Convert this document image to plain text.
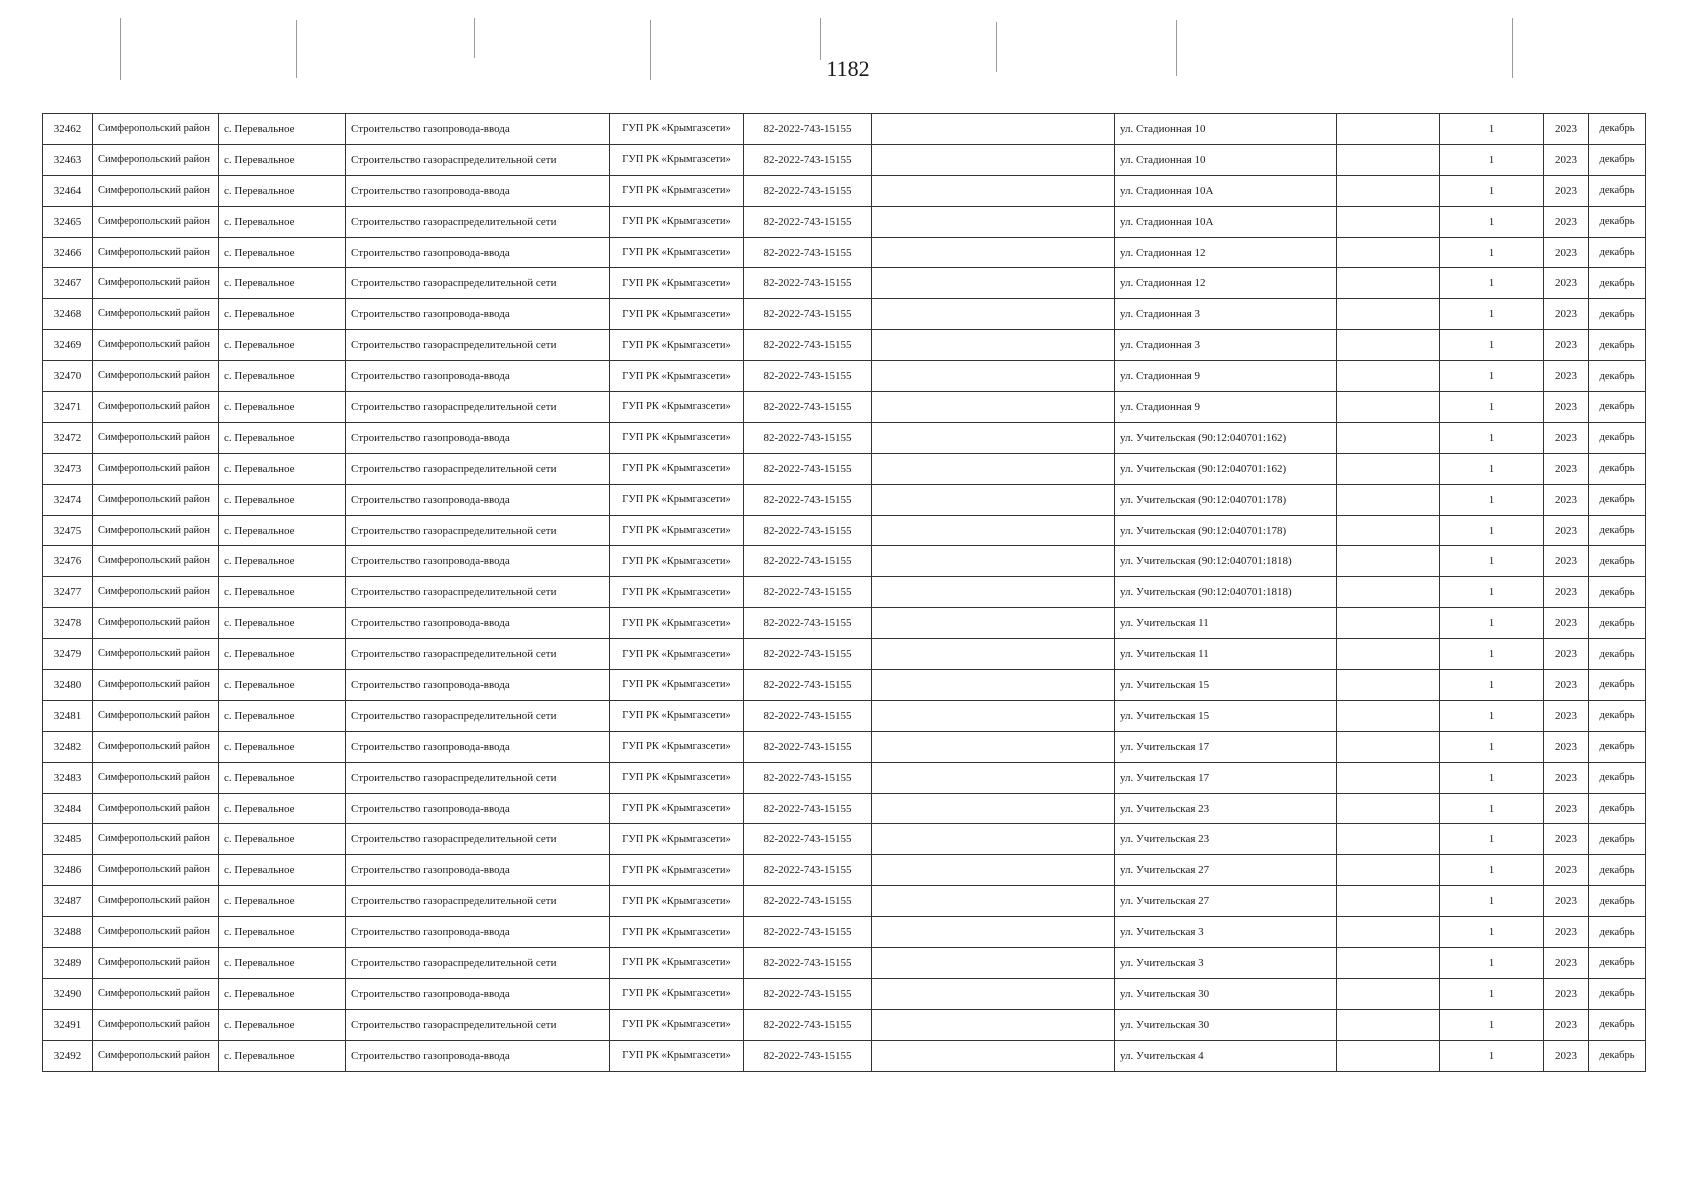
1182
32462	Симферопольский район	с. Перевальное	Строительство газопровода-ввода	ГУП РК «Крымгазсети»	82-2022-743-15155		ул. Стадионная 10		1	2023	декабрь
32463	Симферопольский район	с. Перевальное	Строительство газораспределительной сети	ГУП РК «Крымгазсети»	82-2022-743-15155		ул. Стадионная 10		1	2023	декабрь
32464	Симферопольский район	с. Перевальное	Строительство газопровода-ввода	ГУП РК «Крымгазсети»	82-2022-743-15155		ул. Стадионная 10А		1	2023	декабрь
32465	Симферопольский район	с. Перевальное	Строительство газораспределительной сети	ГУП РК «Крымгазсети»	82-2022-743-15155		ул. Стадионная 10А		1	2023	декабрь
32466	Симферопольский район	с. Перевальное	Строительство газопровода-ввода	ГУП РК «Крымгазсети»	82-2022-743-15155		ул. Стадионная 12		1	2023	декабрь
32467	Симферопольский район	с. Перевальное	Строительство газораспределительной сети	ГУП РК «Крымгазсети»	82-2022-743-15155		ул. Стадионная 12		1	2023	декабрь
32468	Симферопольский район	с. Перевальное	Строительство газопровода-ввода	ГУП РК «Крымгазсети»	82-2022-743-15155		ул. Стадионная 3		1	2023	декабрь
32469	Симферопольский район	с. Перевальное	Строительство газораспределительной сети	ГУП РК «Крымгазсети»	82-2022-743-15155		ул. Стадионная 3		1	2023	декабрь
32470	Симферопольский район	с. Перевальное	Строительство газопровода-ввода	ГУП РК «Крымгазсети»	82-2022-743-15155		ул. Стадионная 9		1	2023	декабрь
32471	Симферопольский район	с. Перевальное	Строительство газораспределительной сети	ГУП РК «Крымгазсети»	82-2022-743-15155		ул. Стадионная 9		1	2023	декабрь
32472	Симферопольский район	с. Перевальное	Строительство газопровода-ввода	ГУП РК «Крымгазсети»	82-2022-743-15155		ул. Учительская (90:12:040701:162)		1	2023	декабрь
32473	Симферопольский район	с. Перевальное	Строительство газораспределительной сети	ГУП РК «Крымгазсети»	82-2022-743-15155		ул. Учительская (90:12:040701:162)		1	2023	декабрь
32474	Симферопольский район	с. Перевальное	Строительство газопровода-ввода	ГУП РК «Крымгазсети»	82-2022-743-15155		ул. Учительская (90:12:040701:178)		1	2023	декабрь
32475	Симферопольский район	с. Перевальное	Строительство газораспределительной сети	ГУП РК «Крымгазсети»	82-2022-743-15155		ул. Учительская (90:12:040701:178)		1	2023	декабрь
32476	Симферопольский район	с. Перевальное	Строительство газопровода-ввода	ГУП РК «Крымгазсети»	82-2022-743-15155		ул. Учительская (90:12:040701:1818)		1	2023	декабрь
32477	Симферопольский район	с. Перевальное	Строительство газораспределительной сети	ГУП РК «Крымгазсети»	82-2022-743-15155		ул. Учительская (90:12:040701:1818)		1	2023	декабрь
32478	Симферопольский район	с. Перевальное	Строительство газопровода-ввода	ГУП РК «Крымгазсети»	82-2022-743-15155		ул. Учительская 11		1	2023	декабрь
32479	Симферопольский район	с. Перевальное	Строительство газораспределительной сети	ГУП РК «Крымгазсети»	82-2022-743-15155		ул. Учительская 11		1	2023	декабрь
32480	Симферопольский район	с. Перевальное	Строительство газопровода-ввода	ГУП РК «Крымгазсети»	82-2022-743-15155		ул. Учительская 15		1	2023	декабрь
32481	Симферопольский район	с. Перевальное	Строительство газораспределительной сети	ГУП РК «Крымгазсети»	82-2022-743-15155		ул. Учительская 15		1	2023	декабрь
32482	Симферопольский район	с. Перевальное	Строительство газопровода-ввода	ГУП РК «Крымгазсети»	82-2022-743-15155		ул. Учительская 17		1	2023	декабрь
32483	Симферопольский район	с. Перевальное	Строительство газораспределительной сети	ГУП РК «Крымгазсети»	82-2022-743-15155		ул. Учительская 17		1	2023	декабрь
32484	Симферопольский район	с. Перевальное	Строительство газопровода-ввода	ГУП РК «Крымгазсети»	82-2022-743-15155		ул. Учительская 23		1	2023	декабрь
32485	Симферопольский район	с. Перевальное	Строительство газораспределительной сети	ГУП РК «Крымгазсети»	82-2022-743-15155		ул. Учительская 23		1	2023	декабрь
32486	Симферопольский район	с. Перевальное	Строительство газопровода-ввода	ГУП РК «Крымгазсети»	82-2022-743-15155		ул. Учительская 27		1	2023	декабрь
32487	Симферопольский район	с. Перевальное	Строительство газораспределительной сети	ГУП РК «Крымгазсети»	82-2022-743-15155		ул. Учительская 27		1	2023	декабрь
32488	Симферопольский район	с. Перевальное	Строительство газопровода-ввода	ГУП РК «Крымгазсети»	82-2022-743-15155		ул. Учительская 3		1	2023	декабрь
32489	Симферопольский район	с. Перевальное	Строительство газораспределительной сети	ГУП РК «Крымгазсети»	82-2022-743-15155		ул. Учительская 3		1	2023	декабрь
32490	Симферопольский район	с. Перевальное	Строительство газопровода-ввода	ГУП РК «Крымгазсети»	82-2022-743-15155		ул. Учительская 30		1	2023	декабрь
32491	Симферопольский район	с. Перевальное	Строительство газораспределительной сети	ГУП РК «Крымгазсети»	82-2022-743-15155		ул. Учительская 30		1	2023	декабрь
32492	Симферопольский район	с. Перевальное	Строительство газопровода-ввода	ГУП РК «Крымгазсети»	82-2022-743-15155		ул. Учительская 4		1	2023	декабрь
